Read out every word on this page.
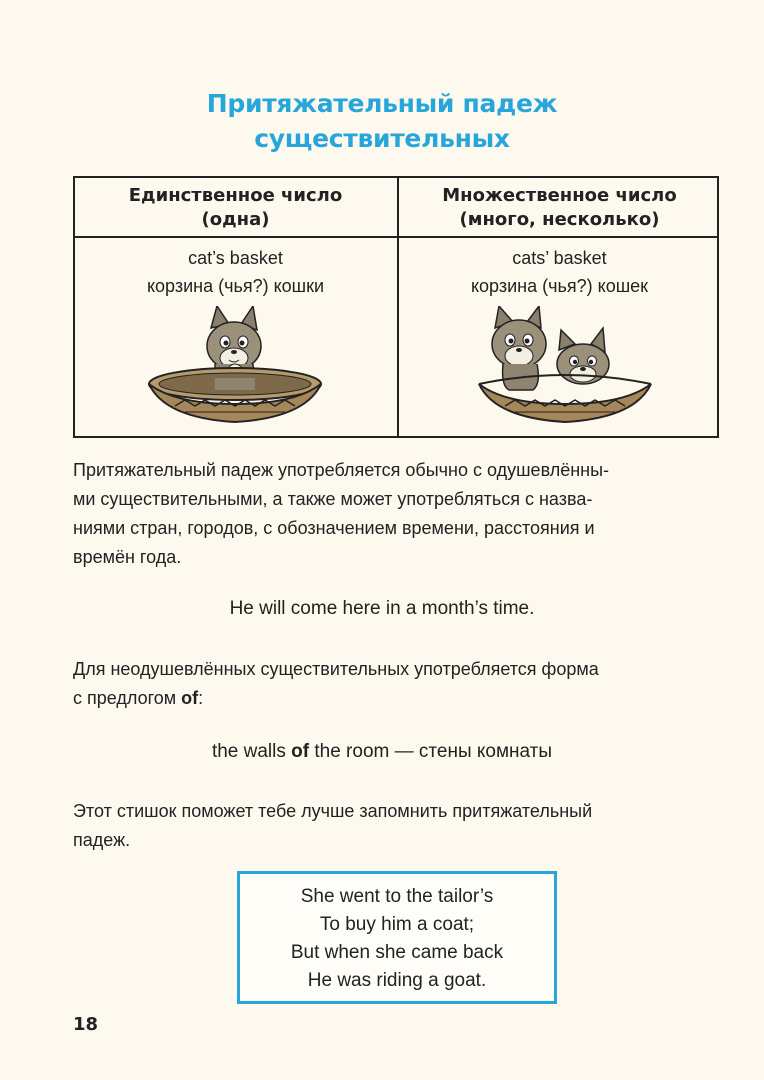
Притяжательный падеж
существительных
Единственное число
(одна)
cat’s basket
корзина (чья?) кошки
Множественное число
(много, несколько)
cats’ basket
корзина (чья?) кошек
Притяжательный падеж употребляется обычно с одушевлённы-
ми существительными, а также может употребляться с назва-
ниями стран, городов, с обозначением времени, расстояния и
времён года.
He will come here in a month’s time.
Для неодушевлённых существительных употребляется форма
с предлогом of:
the walls of the room — стены комнаты
Этот стишок поможет тебе лучше запомнить притяжательный
падеж.
She went to the tailor’s
To buy him a coat;
But when she came back
He was riding a goat.
18
